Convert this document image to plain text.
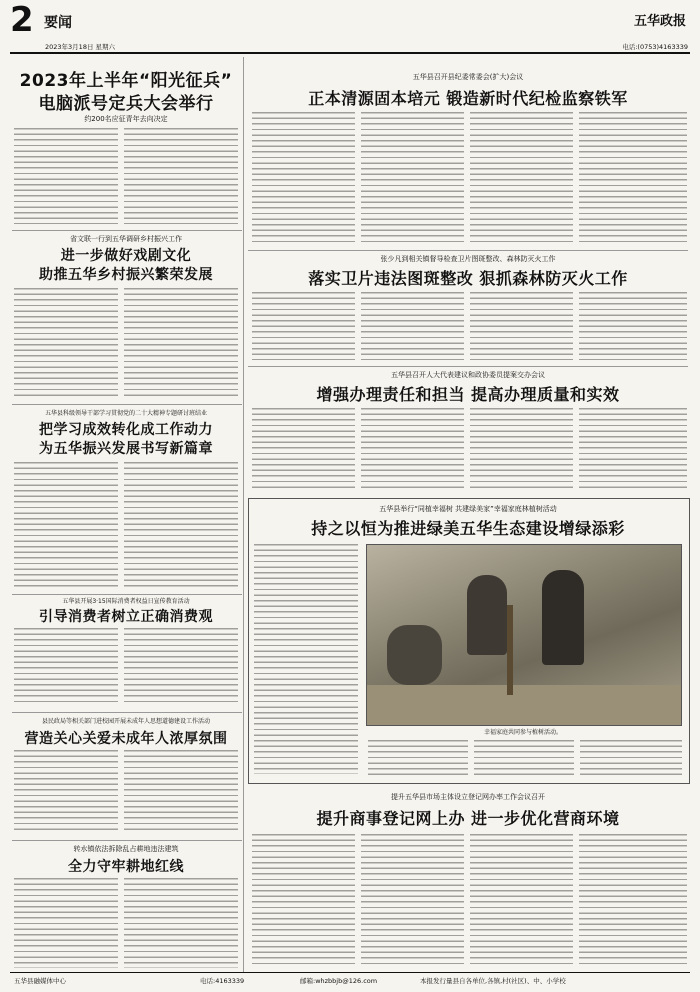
2 要闻
2023年3月18日 星期六
五华政报
电话:(0753)4163339
2023年上半年“阳光征兵”
电脑派号定兵大会举行
约200名应征青年去向决定
省文联一行到五华调研乡村振兴工作
进一步做好戏剧文化
助推五华乡村振兴繁荣发展
五华县科级领导干部学习贯彻党的二十大精神专题研讨班结业
把学习成效转化成工作动力
为五华振兴发展书写新篇章
五华县开展3·15国际消费者权益日宣传教育活动
引导消费者树立正确消费观
县民政局等相关部门进校园开展未成年人思想道德建设工作活动
营造关心关爱未成年人浓厚氛围
转水镇依法拆除乱占耕地违法建筑
全力守牢耕地红线
五华县召开县纪委常委会(扩大)会议
正本清源固本培元 锻造新时代纪检监察铁军
张少凡到相关镇督导检查卫片图斑整改、森林防灭火工作
落实卫片违法图斑整改 狠抓森林防灭火工作
五华县召开人大代表建议和政协委员提案交办会议
增强办理责任和担当 提高办理质量和实效
五华县举行“同植幸福树 共建绿美家”幸福家庭林植树活动
持之以恒为推进绿美五华生态建设增绿添彩
幸福家庭共同参与植树活动。
提升五华县市场主体设立登记网办率工作会议召开
提升商事登记网上办 进一步优化营商环境
五华县融媒体中心	电话:4163339	邮箱:whzbbjb@126.com	本报发行量县自各单位,各镇,村(社区)、中、小学校
